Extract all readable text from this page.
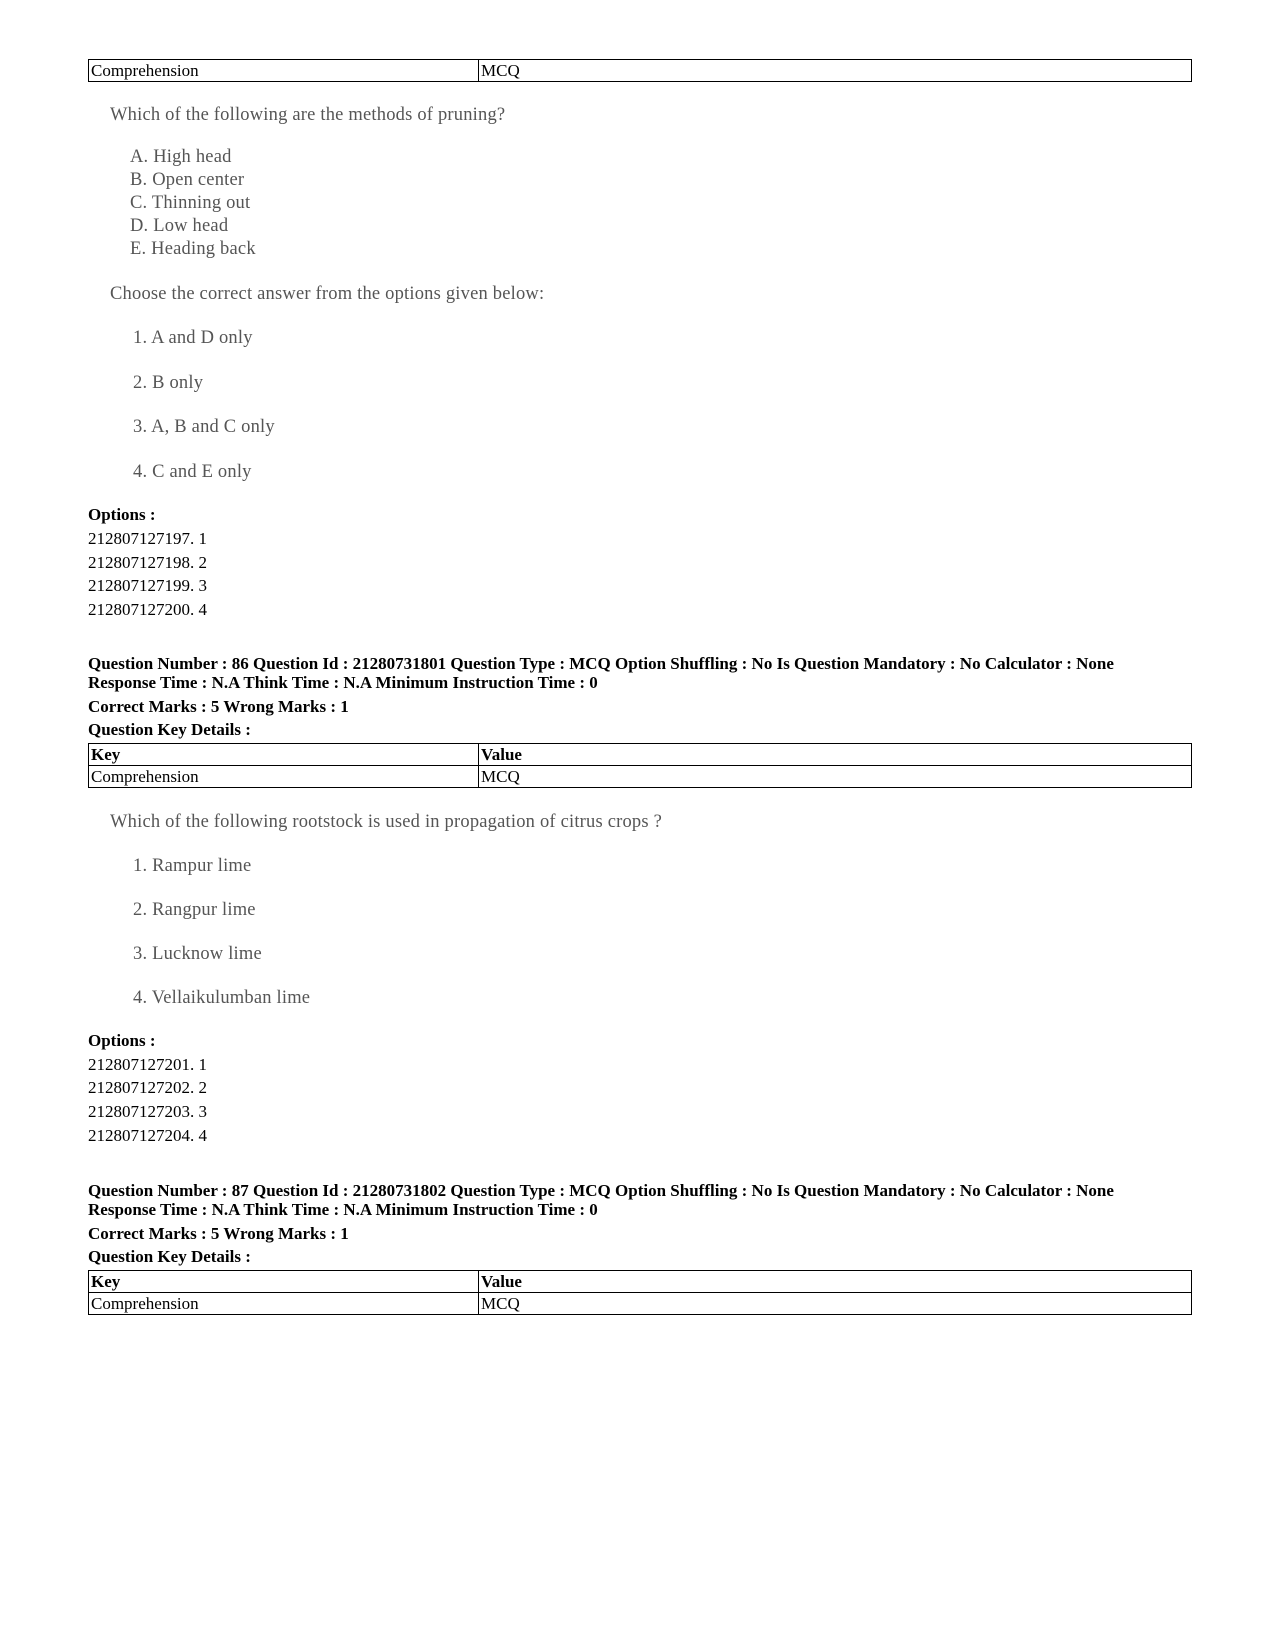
Comprehension	MCQ
Which of the following are the methods of pruning?
A. High head
B. Open center
C. Thinning out
D. Low head
E. Heading back
Choose the correct answer from the options given below:
1. A and D only
2. B only
3. A, B and C only
4. C and E only
Options :
212807127197. 1
212807127198. 2
212807127199. 3
212807127200. 4
Question Number : 86 Question Id : 21280731801 Question Type : MCQ Option Shuffling : No Is Question Mandatory : No Calculator : None
Response Time : N.A Think Time : N.A Minimum Instruction Time : 0
Correct Marks : 5 Wrong Marks : 1
Question Key Details :
Key	Value
Comprehension	MCQ
Which of the following rootstock is used in propagation of citrus crops ?
1. Rampur lime
2. Rangpur lime
3. Lucknow lime
4. Vellaikulumban lime
Options :
212807127201. 1
212807127202. 2
212807127203. 3
212807127204. 4
Question Number : 87 Question Id : 21280731802 Question Type : MCQ Option Shuffling : No Is Question Mandatory : No Calculator : None
Response Time : N.A Think Time : N.A Minimum Instruction Time : 0
Correct Marks : 5 Wrong Marks : 1
Question Key Details :
Key	Value
Comprehension	MCQ
